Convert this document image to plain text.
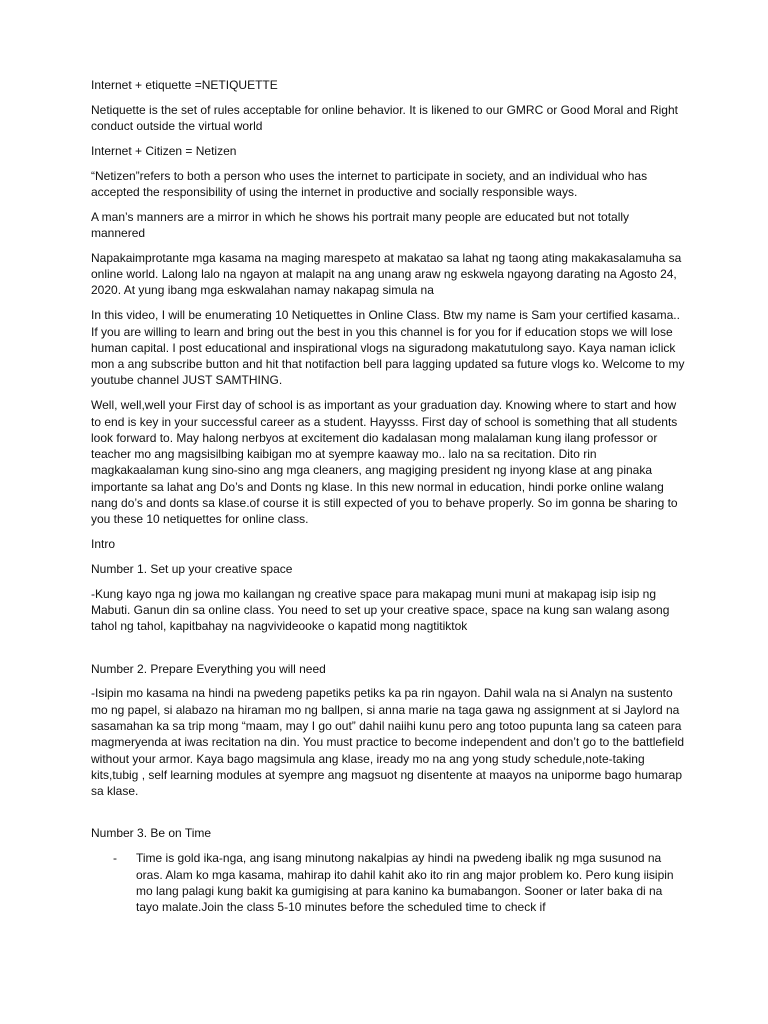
Internet + etiquette =NETIQUETTE

Netiquette is the set of rules acceptable for online behavior. It is likened to our GMRC or Good Moral and Right conduct outside the virtual world

Internet + Citizen = Netizen

“Netizen”refers to both a person who uses the internet to participate in society, and an individual who has accepted the responsibility of using the internet in productive and socially responsible ways.

A man’s manners are a mirror in which he shows his portrait many people are educated but not totally mannered

Napakaimprotante mga kasama na maging marespeto at makatao sa lahat ng taong ating makakasalamuha sa online world. Lalong lalo na ngayon at malapit na ang unang araw ng eskwela ngayong darating na Agosto 24, 2020. At yung ibang mga eskwalahan namay nakapag simula na

In this video, I will be enumerating 10 Netiquettes in Online Class. Btw my name is Sam your certified kasama.. If you are willing to learn and bring out the best in you this channel is for you for if education stops we will lose human capital. I post educational and inspirational vlogs na siguradong makatutulong sayo. Kaya naman iclick mon a ang subscribe button and hit that notifaction bell para lagging updated sa future vlogs ko. Welcome to my youtube channel JUST SAMTHING.

Well, well,well your First day of school is as important as your graduation day. Knowing where to start and how to end is key in your successful career as a student. Hayysss. First day of school is something that all students look forward to. May halong nerbyos at excitement dio kadalasan mong malalaman kung ilang professor or teacher mo ang magsisilbing kaibigan mo at syempre kaaway mo.. lalo na sa recitation. Dito rin magkakaalaman kung sino-sino ang mga cleaners, ang magiging president ng inyong klase at ang pinaka importante sa lahat ang Do’s and Donts ng klase. In this new normal in education, hindi porke online walang nang do’s and donts sa klase.of course it is still expected of you to behave properly. So im gonna be sharing to you these 10 netiquettes for online class.

Intro

Number 1. Set up your creative space

-Kung kayo nga ng jowa mo kailangan ng creative space para makapag muni muni at makapag isip isip ng Mabuti. Ganun din sa online class. You need to set up your creative space, space na kung san walang asong tahol ng tahol, kapitbahay na nagvivideooke o kapatid mong nagtitiktok

Number 2. Prepare Everything you will need

-Isipin mo kasama na hindi na pwedeng papetiks petiks ka pa rin ngayon. Dahil wala na si Analyn na sustento mo ng papel, si alabazo na hiraman mo ng ballpen, si anna marie na taga gawa ng assignment at si Jaylord na sasamahan ka sa trip mong “maam, may I go out” dahil naiihi kunu pero ang totoo pupunta lang sa cateen para magmeryenda at iwas recitation na din. You must practice to become independent and don’t go to the battlefield without your armor. Kaya bago magsimula ang klase, iready mo na ang yong study schedule,note-taking kits,tubig , self learning modules at syempre ang magsuot ng disentente at maayos na uniporme bago humarap sa klase.

Number 3. Be on Time

- Time is gold ika-nga, ang isang minutong nakalpias ay hindi na pwedeng ibalik ng mga susunod na oras. Alam ko mga kasama, mahirap ito dahil kahit ako ito rin ang major problem ko. Pero kung iisipin mo lang palagi kung bakit ka gumigising at para kanino ka bumabangon. Sooner or later baka di na tayo malate.Join the class 5-10 minutes before the scheduled time to check if
